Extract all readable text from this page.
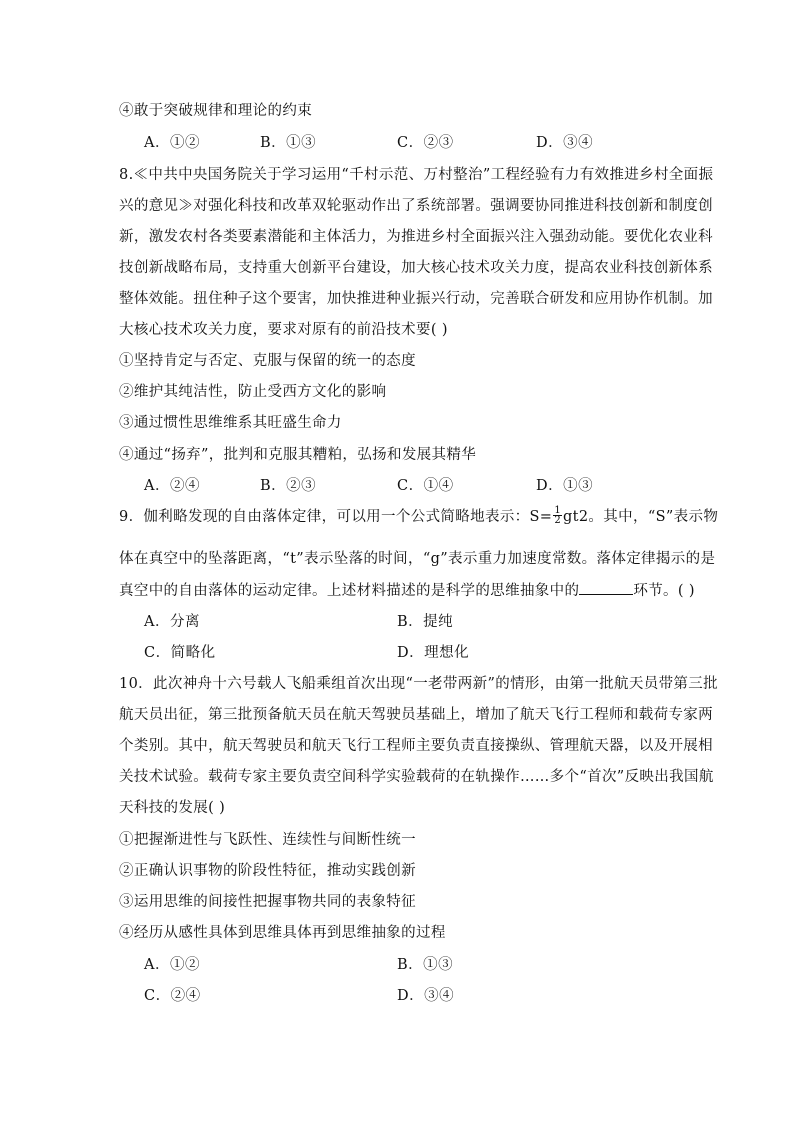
④敢于突破规律和理论的约束
A．①②	B．①③	C．②③	D．③④
8.≪中共中央国务院关于学习运用“千村示范、万村整治”工程经验有力有效推进乡村全面振
兴的意见≫对强化科技和改革双轮驱动作出了系统部署。强调要协同推进科技创新和制度创
新，激发农村各类要素潜能和主体活力，为推进乡村全面振兴注入强劲动能。要优化农业科
技创新战略布局，支持重大创新平台建设，加大核心技术攻关力度，提高农业科技创新体系
整体效能。扭住种子这个要害，加快推进种业振兴行动，完善联合研发和应用协作机制。加
大核心技术攻关力度，要求对原有的前沿技术要( )
①坚持肯定与否定、克服与保留的统一的态度
②维护其纯洁性，防止受西方文化的影响
③通过惯性思维维系其旺盛生命力
④通过“扬弃”，批判和克服其糟粕，弘扬和发展其精华
A．②④	B．②③	C．①④	D．①③
9．伽利略发现的自由落体定律，可以用一个公式简略地表示：$S= \frac{1}{2} gt2$。其中，“S”表示物
体在真空中的坠落距离，“t”表示坠落的时间，“g”表示重力加速度常数。落体定律揭示的是
真空中的自由落体的运动定律。上述材料描述的是科学的思维抽象中的	环节。( )
A．分离	B．提纯
C．简略化	D．理想化
10．此次神舟十六号载人飞船乘组首次出现“一老带两新”的情形，由第一批航天员带第三批
航天员出征，第三批预备航天员在航天驾驶员基础上，增加了航天飞行工程师和载荷专家两
个类别。其中，航天驾驶员和航天飞行工程师主要负责直接操纵、管理航天器，以及开展相
关技术试验。载荷专家主要负责空间科学实验载荷的在轨操作……多个“首次”反映出我国航
天科技的发展( )
①把握渐进性与飞跃性、连续性与间断性统一
②正确认识事物的阶段性特征，推动实践创新
③运用思维的间接性把握事物共同的表象特征
④经历从感性具体到思维具体再到思维抽象的过程
A．①②	B．①③
C．②④	D．③④
